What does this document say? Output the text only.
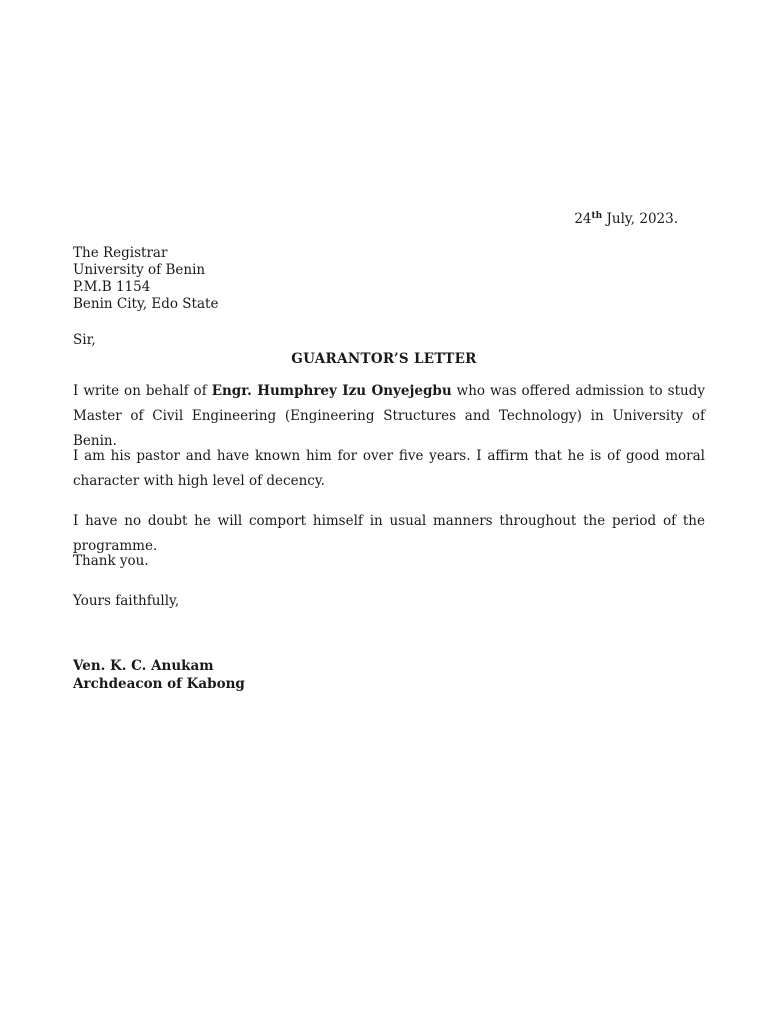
24th July, 2023.
The Registrar
University of Benin
P.M.B 1154
Benin City, Edo State
Sir,
GUARANTOR’S LETTER
I write on behalf of Engr. Humphrey Izu Onyejegbu who was offered admission to study Master of Civil Engineering (Engineering Structures and Technology) in University of Benin.
I am his pastor and have known him for over five years. I affirm that he is of good moral character with high level of decency.
I have no doubt he will comport himself in usual manners throughout the period of the programme.
Thank you.
Yours faithfully,
Ven. K. C. Anukam
Archdeacon of Kabong
